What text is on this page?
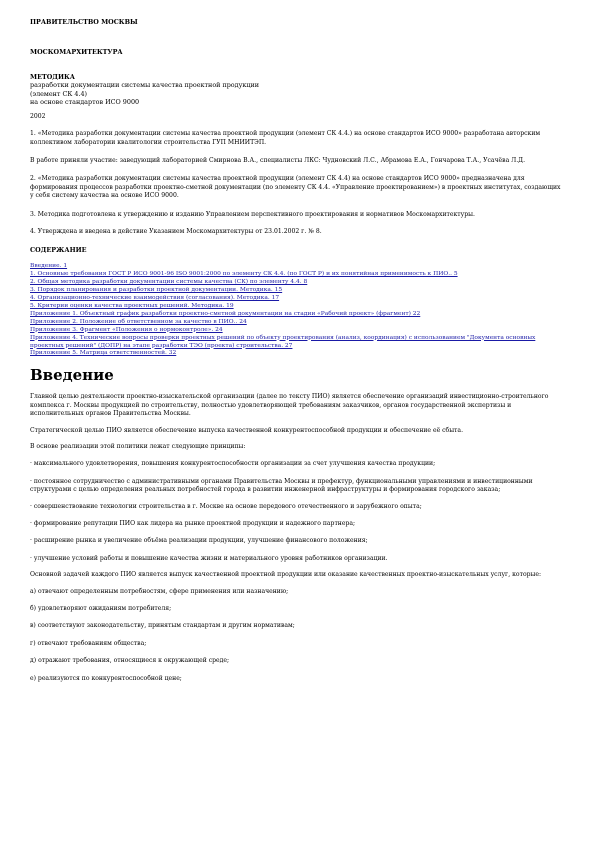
ПРАВИТЕЛЬСТВО МОСКВЫ
МОСКОМАРХИТЕКТУРА
МЕТОДИКА
разработки документации системы качества проектной продукции
(элемент СК 4.4)
на основе стандартов ИСО 9000
2002

1. «Методика разработки документации системы качества проектной продукции (элемент СК 4.4.) на основе стандартов ИСО 9000» разработана авторским коллективом лаборатории квалитологии строительства ГУП МНИИТЭП.

В работе приняли участие: заведующий лабораторией Смирнова В.А., специалисты ЛКС: Чудновский Л.С., Абрамова Е.А., Гончарова Т.А., Усачёва Л.Д.

2. «Методика разработки документации системы качества проектной продукции (элемент СК 4.4) на основе стандартов ИСО 9000» предназначена для формирования процессов разработки проектно-сметной документации (по элементу СК 4.4. «Управление проектированием») в проектных институтах, создающих у себя систему качества на основе ИСО 9000.

3. Методика подготовлена к утверждению и изданию Управлением перспективного проектирования и нормативов Москомархитектуры.

4. Утверждена и введена в действие Указанием Москомархитектуры от 23.01.2002 г. № 8.

СОДЕРЖАНИЕ
Введение. 1
1. Основные требования ГОСТ Р ИСО 9001-96 ISO 9001:2000 по элементу СК 4.4. (по ГОСТ Р) и их понятийная применимость к ПИО.. 5
2. Общая методика разработки документации системы качества (СК) по элементу 4.4. 8
3. Порядок планирования и разработки проектной документации. Методика. 15
4. Организационно-технические взаимодействия (согласования). Методика. 17
5. Критерии оценки качества проектных решений. Методика. 19
Приложение 1. Объектный график разработки проектно-сметной документации на стадии «Рабочий проект» (фрагмент) 22
Приложение 2. Положение об ответственном за качество в ПИО.. 24
Приложение 3. Фрагмент «Положения о нормоконтроле». 24
Приложение 4. Технические вопросы проверки проектных решений по объекту проектирования (анализ, координация) с использованием "Документа основных проектных решений" (ДОПР) на этапе разработки ТЭО (проекта) строительства. 27
Приложение 5. Матрица ответственностей. 32
Введение

Главной целью деятельности проектно-изыскательской организации (далее по тексту ПИО) является обеспечение организаций инвестиционно-строительного комплекса г. Москвы продукцией по строительству, полностью удовлетворяющей требованиям заказчиков, органов государственной экспертизы и исполнительных органов Правительства Москвы.

Стратегической целью ПИО является обеспечение выпуска качественной конкурентоспособной продукции и обеспечение её сбыта.

В основе реализации этой политики лежат следующие принципы:

· максимального удовлетворения, повышения конкурентоспособности организации за счет улучшения качества продукции;

· постоянное сотрудничество с административными органами Правительства Москвы и префектур, функциональными управлениями и инвестиционными структурами с целью определения реальных потребностей города в развитии инженерной инфраструктуры и формирования городского заказа;

· совершенствование технологии строительства в г. Москве на основе передового отечественного и зарубежного опыта;

· формирование репутации ПИО как лидера на рынке проектной продукции и надежного партнера;

· расширение рынка и увеличение объёма реализации продукции, улучшение финансового положения;

· улучшение условий работы и повышение качества жизни и материального уровня работников организации.

Основной задачей каждого ПИО является выпуск качественной проектной продукции или оказание качественных проектно-изыскательных услуг, которые:

а) отвечают определенным потребностям, сфере применения или назначению;

б) удовлетворяют ожиданиям потребителя;

в) соответствуют законодательству, принятым стандартам и другим нормативам;

г) отвечают требованиям общества;

д) отражают требования, относящиеся к окружающей среде;

е) реализуются по конкурентоспособной цене;
